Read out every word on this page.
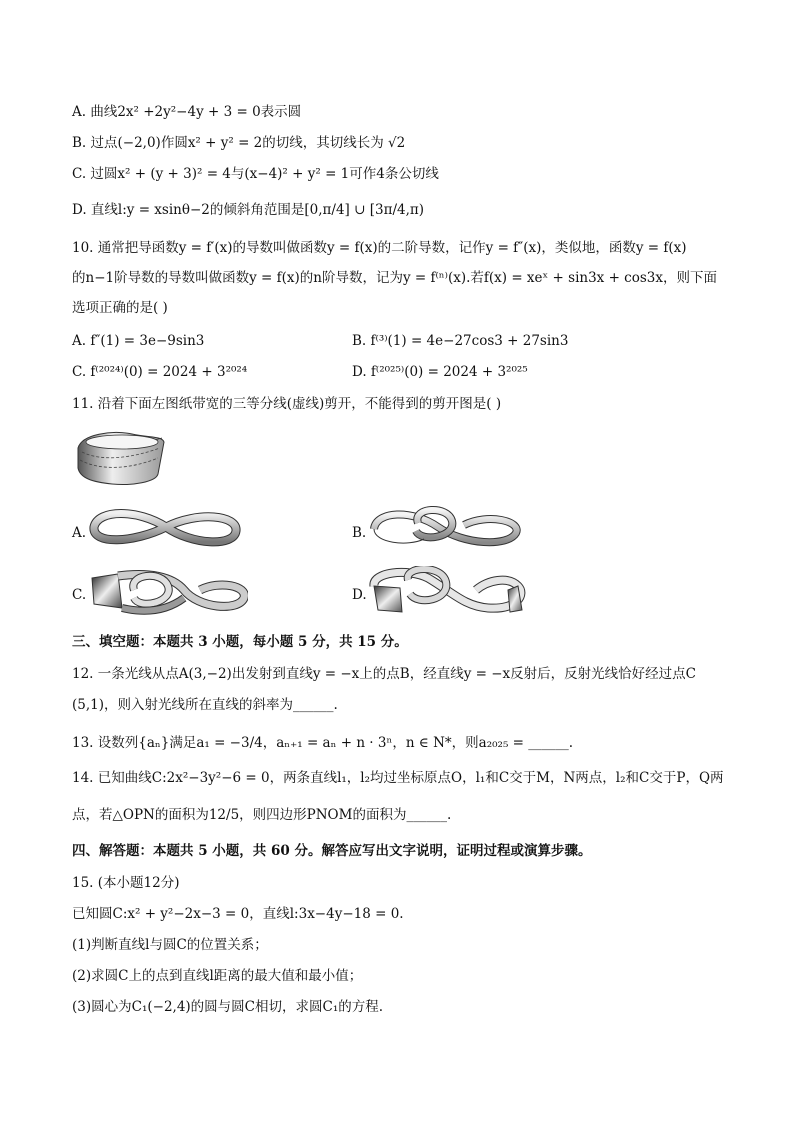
A. 曲线2x² +2y²−4y + 3 = 0表示圆
B. 过点(−2,0)作圆x² + y² = 2的切线，其切线长为 √2
C. 过圆x² + (y + 3)² = 4与(x−4)² + y² = 1可作4条公切线
D. 直线l:y = xsinθ−2的倾斜角范围是[0,π/4] ∪ [3π/4,π)
10. 通常把导函数y = f′(x)的导数叫做函数y = f(x)的二阶导数，记作y = f″(x)，类似地，函数y = f(x)
的n−1阶导数的导数叫做函数y = f(x)的n阶导数，记为y = f⁽ⁿ⁾(x).若f(x) = xeˣ + sin3x + cos3x，则下面
选项正确的是( )
A. f″(1) = 3e−9sin3	B. f⁽³⁾(1) = 4e−27cos3 + 27sin3
C. f⁽²⁰²⁴⁾(0) = 2024 + 3²⁰²⁴	D. f⁽²⁰²⁵⁾(0) = 2024 + 3²⁰²⁵
11. 沿着下面左图纸带宽的三等分线(虚线)剪开，不能得到的剪开图是( )
A.	B.
C.	D.
三、填空题：本题共 3 小题，每小题 5 分，共 15 分。
12. 一条光线从点A(3,−2)出发射到直线y = −x上的点B，经直线y = −x反射后，反射光线恰好经过点C
(5,1)，则入射光线所在直线的斜率为______.
13. 设数列{aₙ}满足a₁ = −3/4，aₙ₊₁ = aₙ + n · 3ⁿ，n ∈ N*，则a₂₀₂₅ = ______.
14. 已知曲线C:2x²−3y²−6 = 0，两条直线l₁，l₂均过坐标原点O，l₁和C交于M，N两点，l₂和C交于P，Q两
点，若△OPN的面积为12/5，则四边形PNOM的面积为______.
四、解答题：本题共 5 小题，共 60 分。解答应写出文字说明，证明过程或演算步骤。
15. (本小题12分)
已知圆C:x² + y²−2x−3 = 0，直线l:3x−4y−18 = 0.
(1)判断直线l与圆C的位置关系；
(2)求圆C上的点到直线l距离的最大值和最小值；
(3)圆心为C₁(−2,4)的圆与圆C相切，求圆C₁的方程.
